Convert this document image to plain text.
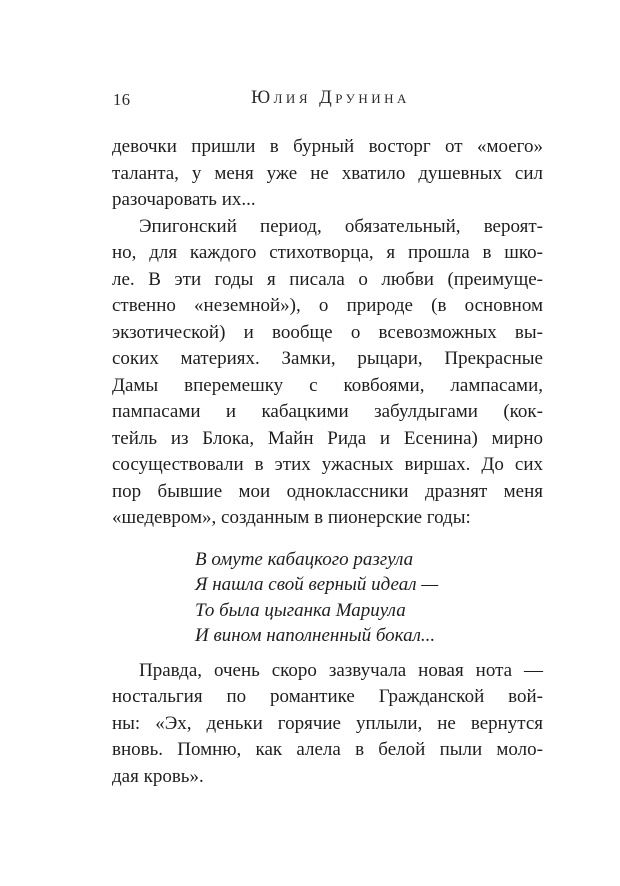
16	Юлия Друнина
девочки пришли в бурный восторг от «моего»
таланта, у меня уже не хватило душевных сил
разочаровать их...
Эпигонский период, обязательный, вероят-
но, для каждого стихотворца, я прошла в шко-
ле. В эти годы я писала о любви (преимуще-
ственно «неземной»), о природе (в основном
экзотической) и вообще о всевозможных вы-
соких материях. Замки, рыцари, Прекрасные
Дамы вперемешку с ковбоями, лампасами,
пампасами и кабацкими забулдыгами (кок-
тейль из Блока, Майн Рида и Есенина) мирно
сосуществовали в этих ужасных виршах. До сих
пор бывшие мои одноклассники дразнят меня
«шедевром», созданным в пионерские годы:
В омуте кабацкого разгула
Я нашла свой верный идеал —
То была цыганка Мариула
И вином наполненный бокал...
Правда, очень скоро зазвучала новая нота —
ностальгия по романтике Гражданской вой-
ны: «Эх, деньки горячие уплыли, не вернутся
вновь. Помню, как алела в белой пыли моло-
дая кровь».
